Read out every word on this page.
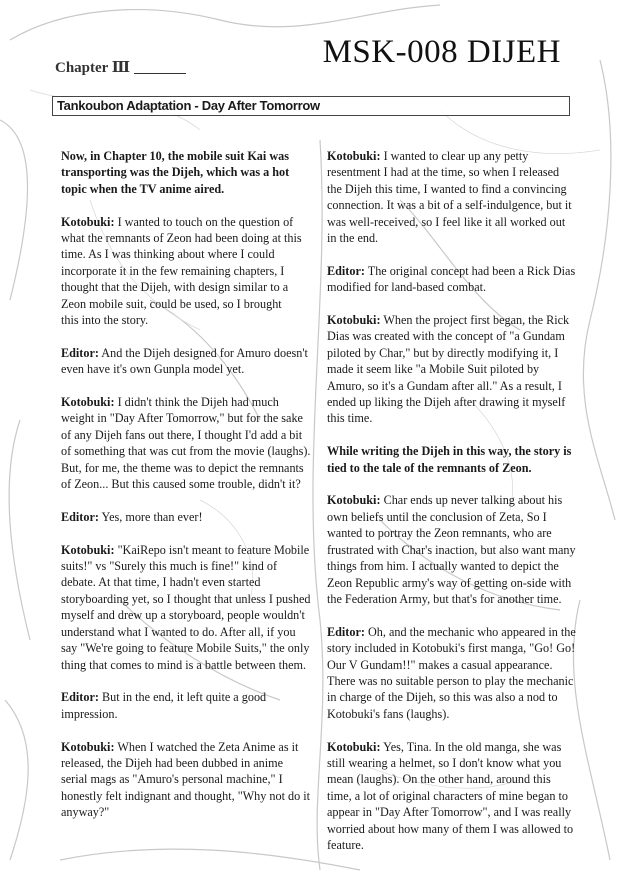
Chapter Ⅲ	MSK-008 DIJEH
Tankoubon Adaptation - Day After Tomorrow

Now, in Chapter 10, the mobile suit Kai was transporting was the Dijeh, which was a hot topic when the TV anime aired.

Kotobuki: I wanted to touch on the question of what the remnants of Zeon had been doing at this time. As I was thinking about where I could incorporate it in the few remaining chapters, I thought that the Dijeh, with design similar to a Zeon mobile suit, could be used, so I brought
this into the story.

Editor: And the Dijeh designed for Amuro doesn't even have it's own Gunpla model yet.

Kotobuki: I didn't think the Dijeh had much weight in "Day After Tomorrow," but for the sake of any Dijeh fans out there, I thought I'd add a bit of something that was cut from the movie (laughs). But, for me, the theme was to depict the remnants of Zeon... But this caused some trouble, didn't it?

Editor: Yes, more than ever!

Kotobuki: "KaiRepo isn't meant to feature Mobile suits!" vs "Surely this much is fine!" kind of debate. At that time, I hadn't even started storyboarding yet, so I thought that unless I pushed myself and drew up a storyboard, people wouldn't understand what I wanted to do. After all, if you say "We're going to feature Mobile Suits," the only thing that comes to mind is a battle between them.

Editor: But in the end, it left quite a good impression.

Kotobuki: When I watched the Zeta Anime as it released, the Dijeh had been dubbed in anime serial mags as "Amuro's personal machine," I honestly felt indignant and thought, "Why not do it anyway?"

Kotobuki: I wanted to clear up any petty resentment I had at the time, so when I released the Dijeh this time, I wanted to find a convincing connection. It was a bit of a self-indulgence, but it was well-received, so I feel like it all worked out in the end.

Editor: The original concept had been a Rick Dias modified for land-based combat.

Kotobuki: When the project first began, the Rick Dias was created with the concept of "a Gundam piloted by Char," but by directly modifying it, I made it seem like "a Mobile Suit piloted by Amuro, so it's a Gundam after all." As a result, I ended up liking the Dijeh after drawing it myself this time.

While writing the Dijeh in this way, the story is tied to the tale of the remnants of Zeon.

Kotobuki: Char ends up never talking about his own beliefs until the conclusion of Zeta, So I wanted to portray the Zeon remnants, who are frustrated with Char's inaction, but also want many things from him. I actually wanted to depict the Zeon Republic army's way of getting on-side with the Federation Army, but that's for another time.

Editor: Oh, and the mechanic who appeared in the story included in Kotobuki's first manga, "Go! Go! Our V Gundam!!" makes a casual appearance. There was no suitable person to play the mechanic in charge of the Dijeh, so this was also a nod to Kotobuki's fans (laughs).

Kotobuki: Yes, Tina. In the old manga, she was still wearing a helmet, so I don't know what you mean (laughs). On the other hand, around this time, a lot of original characters of mine began to appear in "Day After Tomorrow", and I was really worried about how many of them I was allowed to feature.
